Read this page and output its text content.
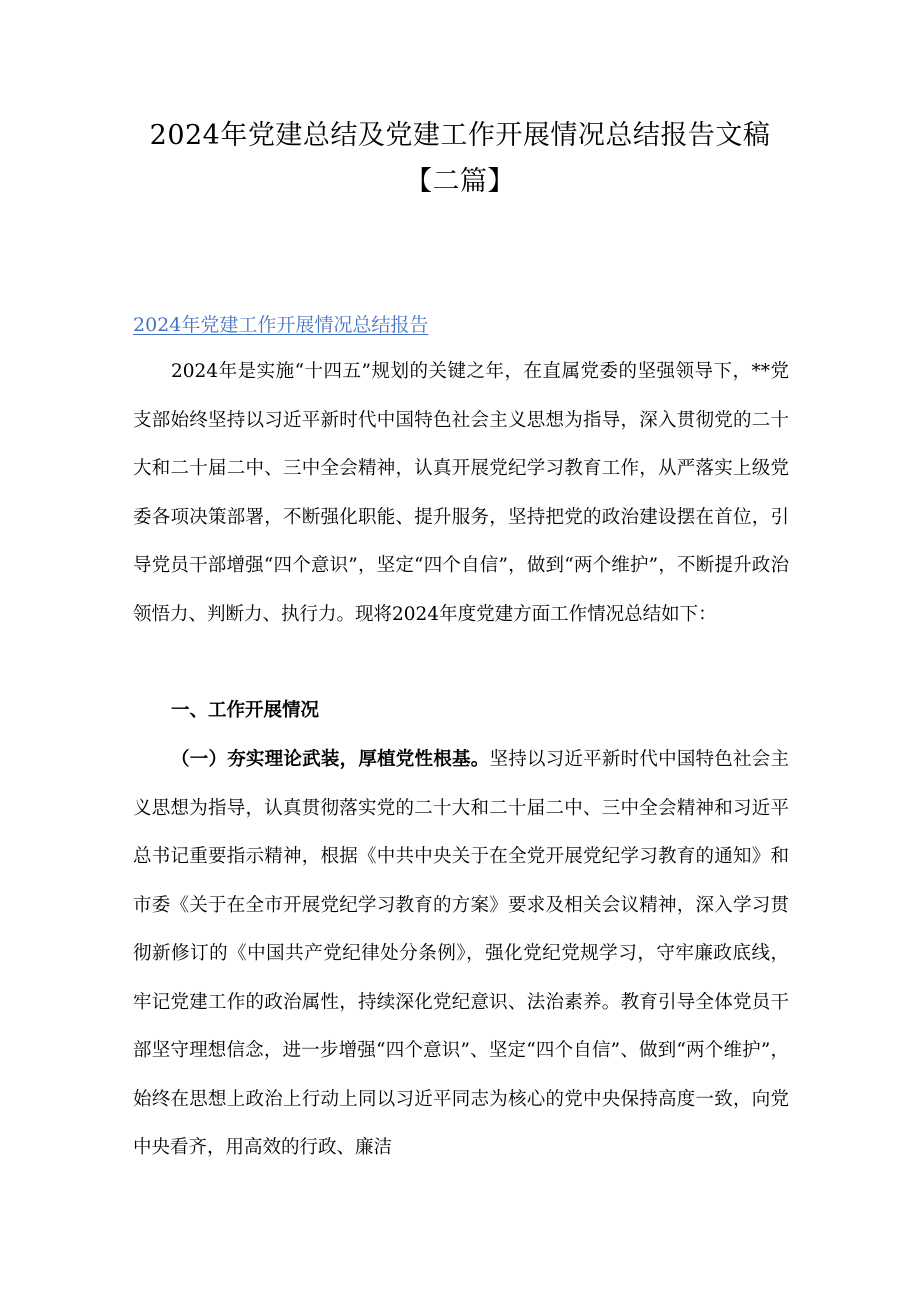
2024年党建总结及党建工作开展情况总结报告文稿
【二篇】
2024年党建工作开展情况总结报告

2024年是实施“十四五”规划的关键之年，在直属党委的坚强领导下，**党支部始终坚持以习近平新时代中国特色社会主义思想为指导，深入贯彻党的二十大和二十届二中、三中全会精神，认真开展党纪学习教育工作，从严落实上级党委各项决策部署，不断强化职能、提升服务，坚持把党的政治建设摆在首位，引导党员干部增强“四个意识”，坚定“四个自信”，做到“两个维护”，不断提升政治领悟力、判断力、执行力。现将2024年度党建方面工作情况总结如下：

一、工作开展情况

（一）夯实理论武装，厚植党性根基。坚持以习近平新时代中国特色社会主义思想为指导，认真贯彻落实党的二十大和二十届二中、三中全会精神和习近平总书记重要指示精神，根据《中共中央关于在全党开展党纪学习教育的通知》和市委《关于在全市开展党纪学习教育的方案》要求及相关会议精神，深入学习贯彻新修订的《中国共产党纪律处分条例》，强化党纪党规学习，守牢廉政底线，牢记党建工作的政治属性，持续深化党纪意识、法治素养。教育引导全体党员干部坚守理想信念，进一步增强“四个意识”、坚定“四个自信”、做到“两个维护”，始终在思想上政治上行动上同以习近平同志为核心的党中央保持高度一致，向党中央看齐，用高效的行政、廉洁
